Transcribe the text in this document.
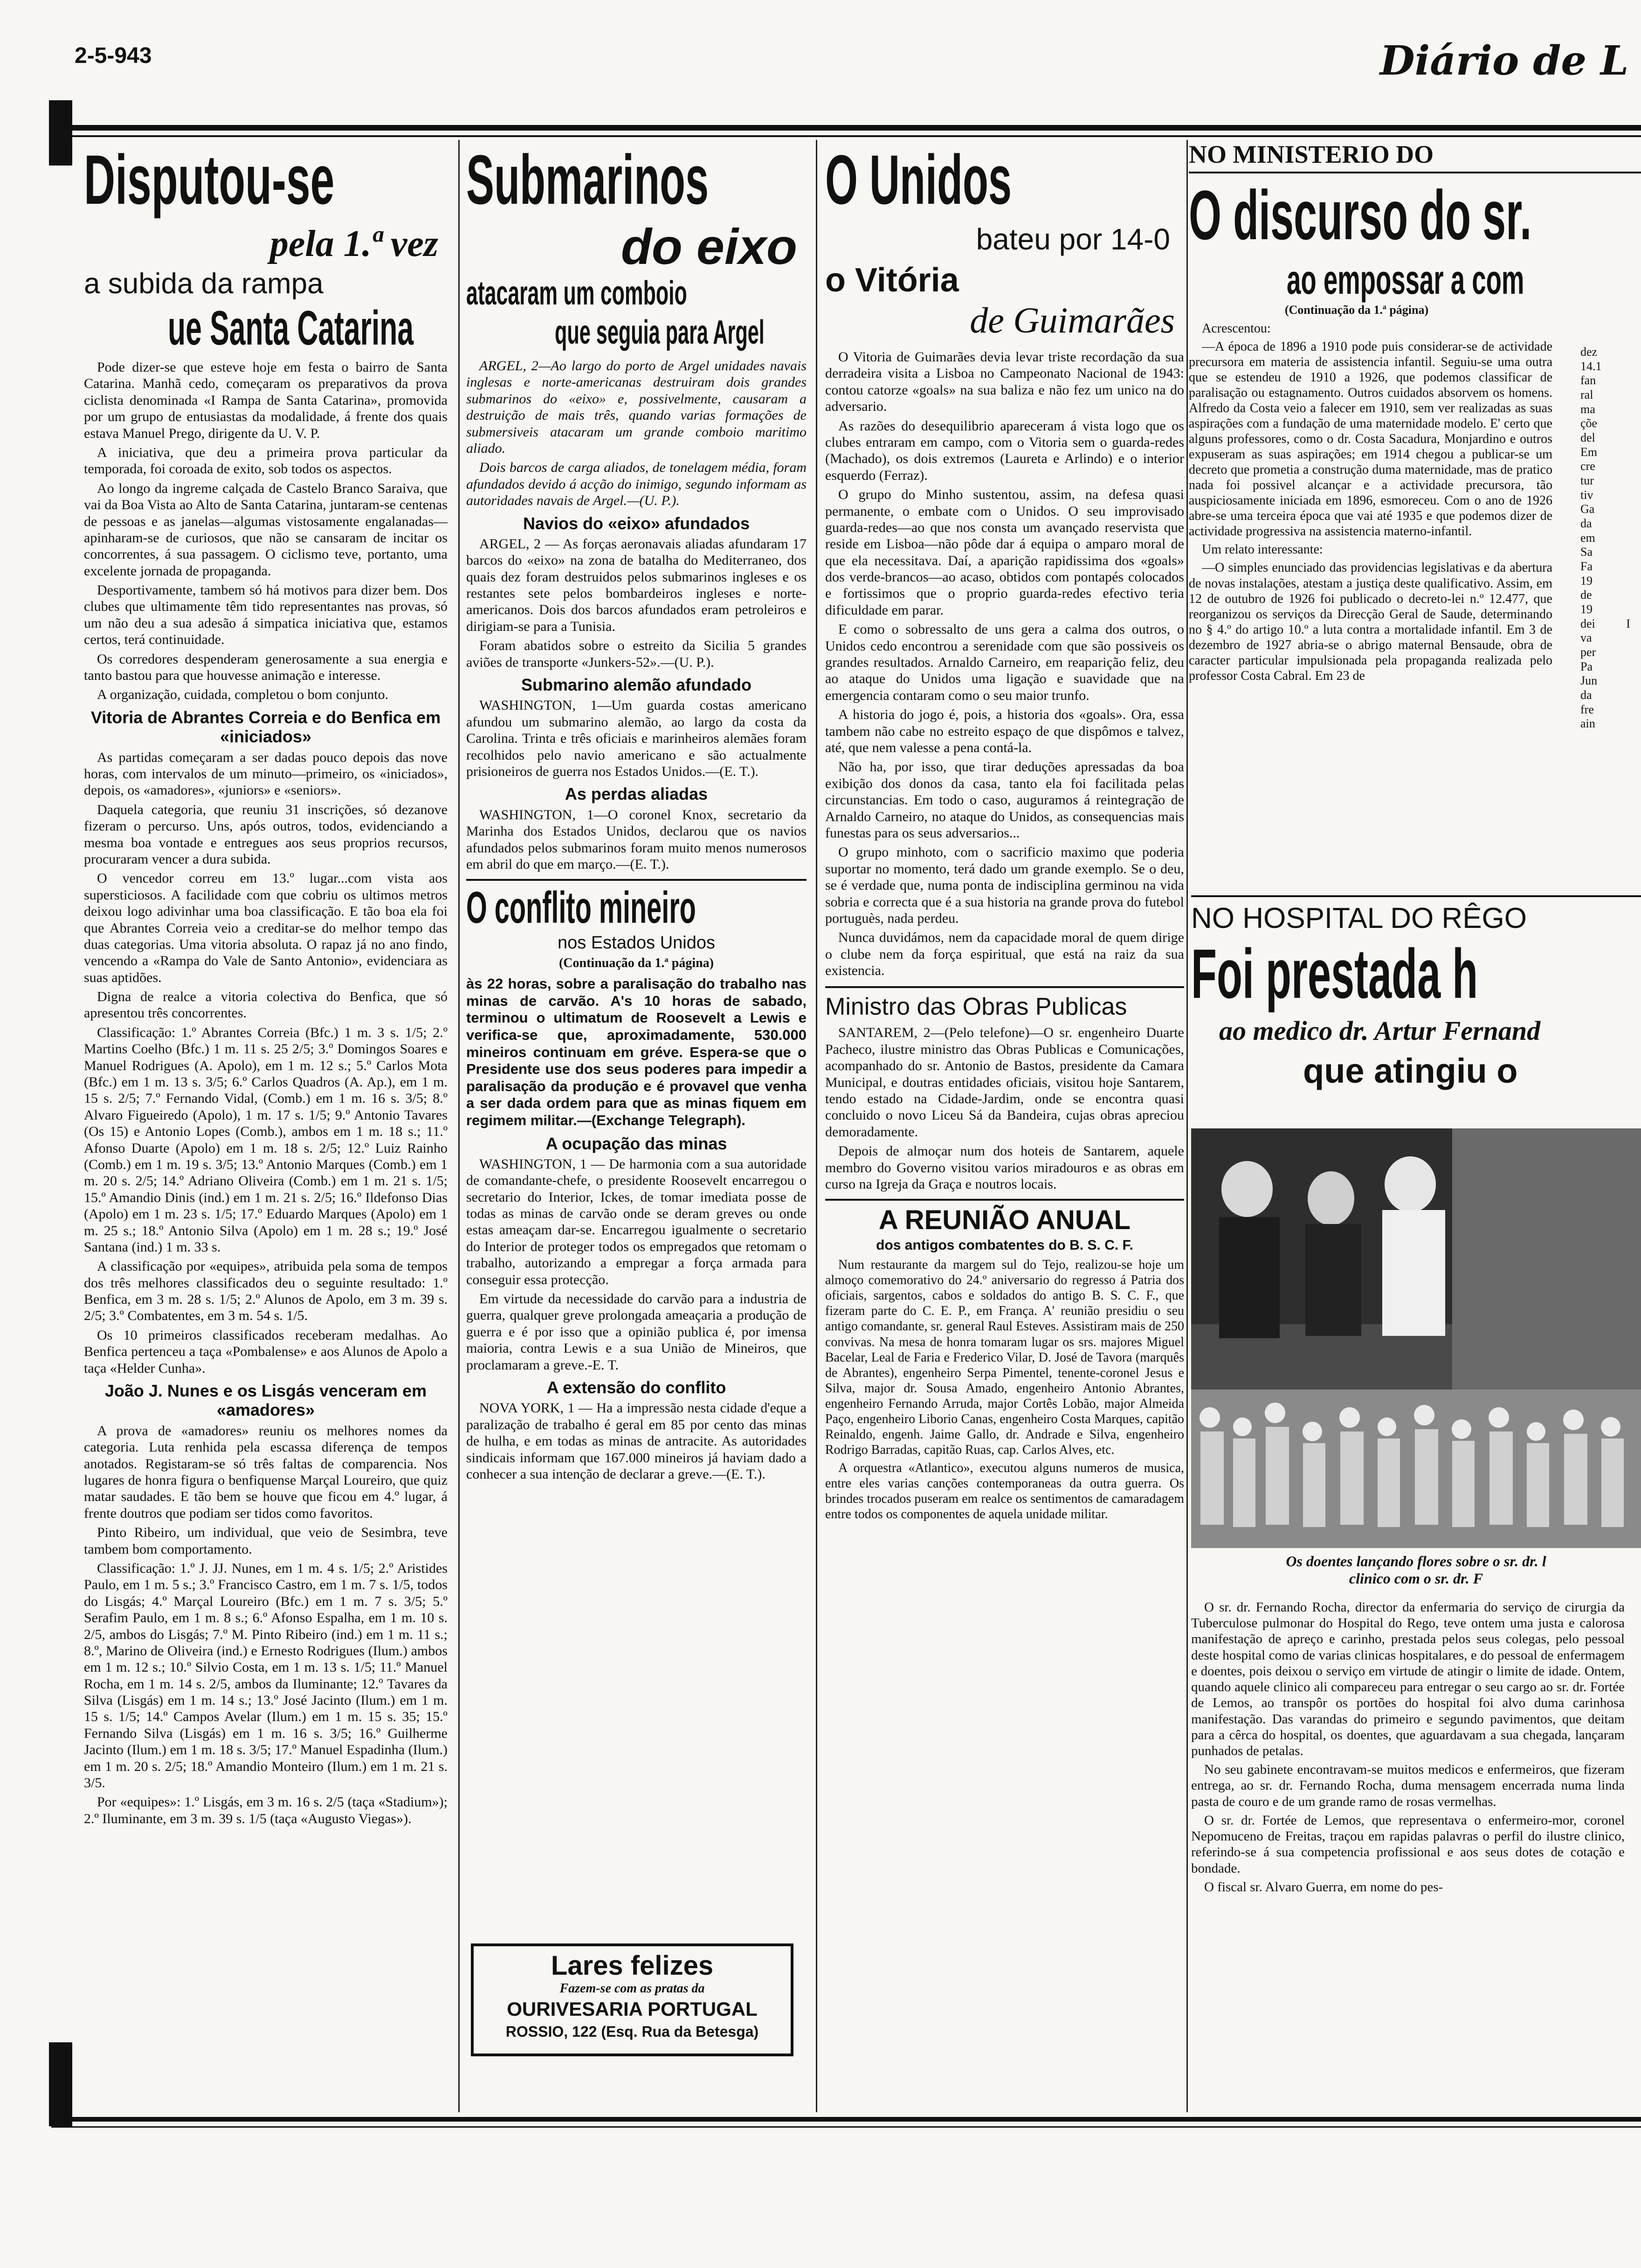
2-5-943	Diário de L
Disputou-se
pela 1.ª vez
a subida da rampa
ue Santa Catarina

Pode dizer-se que esteve hoje em festa o bairro de Santa Catarina. Manhã cedo, começaram os preparativos da prova ciclista denominada «I Rampa de Santa Catarina», promovida por um grupo de entusiastas da modalidade, á frente dos quais estava Manuel Prego, dirigente da U. V. P.

A iniciativa, que deu a primeira prova particular da temporada, foi coroada de exito, sob todos os aspectos.

Ao longo da ingreme calçada de Castelo Branco Saraiva, que vai da Boa Vista ao Alto de Santa Catarina, juntaram-se centenas de pessoas e as janelas—algumas vistosamente engalanadas—apinharam-se de curiosos, que não se cansaram de incitar os concorrentes, á sua passagem. O ciclismo teve, portanto, uma excelente jornada de propaganda.

Desportivamente, tambem só há motivos para dizer bem. Dos clubes que ultimamente têm tido representantes nas provas, só um não deu a sua adesão á simpatica iniciativa que, estamos certos, terá continuidade.

Os corredores despenderam generosamente a sua energia e tanto bastou para que houvesse animação e interesse.

A organização, cuidada, completou o bom conjunto.

Vitoria de Abrantes Correia e do Benfica em «iniciados»

As partidas começaram a ser dadas pouco depois das nove horas, com intervalos de um minuto—primeiro, os «iniciados», depois, os «amadores», «juniors» e «seniors».

Daquela categoria, que reuniu 31 inscrições, só dezanove fizeram o percurso. Uns, após outros, todos, evidenciando a mesma boa vontade e entregues aos seus proprios recursos, procuraram vencer a dura subida.

O vencedor correu em 13.º lugar...com vista aos supersticiosos. A facilidade com que cobriu os ultimos metros deixou logo adivinhar uma boa classificação. E tão boa ela foi que Abrantes Correia veio a creditar-se do melhor tempo das duas categorias. Uma vitoria absoluta. O rapaz já no ano findo, vencendo a «Rampa do Vale de Santo Antonio», evidenciara as suas aptidões.

Digna de realce a vitoria colectiva do Benfica, que só apresentou três concorrentes.

Classificação: 1.º Abrantes Correia (Bfc.) 1 m. 3 s. 1/5; 2.º Martins Coelho (Bfc.) 1 m. 11 s. 25 2/5; 3.º Domingos Soares e Manuel Rodrigues (A. Apolo), em 1 m. 12 s.; 5.º Carlos Mota (Bfc.) em 1 m. 13 s. 3/5; 6.º Carlos Quadros (A. Ap.), em 1 m. 15 s. 2/5; 7.º Fernando Vidal, (Comb.) em 1 m. 16 s. 3/5; 8.º Alvaro Figueiredo (Apolo), 1 m. 17 s. 1/5; 9.º Antonio Tavares (Os 15) e Antonio Lopes (Comb.), ambos em 1 m. 18 s.; 11.º Afonso Duarte (Apolo) em 1 m. 18 s. 2/5; 12.º Luiz Rainho (Comb.) em 1 m. 19 s. 3/5; 13.º Antonio Marques (Comb.) em 1 m. 20 s. 2/5; 14.º Adriano Oliveira (Comb.) em 1 m. 21 s. 1/5; 15.º Amandio Dinis (ind.) em 1 m. 21 s. 2/5; 16.º Ildefonso Dias (Apolo) em 1 m. 23 s. 1/5; 17.º Eduardo Marques (Apolo) em 1 m. 25 s.; 18.º Antonio Silva (Apolo) em 1 m. 28 s.; 19.º José Santana (ind.) 1 m. 33 s.

A classificação por «equipes», atribuida pela soma de tempos dos três melhores classificados deu o seguinte resultado: 1.º Benfica, em 3 m. 28 s. 1/5; 2.º Alunos de Apolo, em 3 m. 39 s. 2/5; 3.º Combatentes, em 3 m. 54 s. 1/5.

Os 10 primeiros classificados receberam medalhas. Ao Benfica pertenceu a taça «Pombalense» e aos Alunos de Apolo a taça «Helder Cunha».

João J. Nunes e os Lisgás venceram em «amadores»

A prova de «amadores» reuniu os melhores nomes da categoria. Luta renhida pela escassa diferença de tempos anotados. Registaram-se só três faltas de comparencia. Nos lugares de honra figura o benfiquense Marçal Loureiro, que quiz matar saudades. E tão bem se houve que ficou em 4.º lugar, á frente doutros que podiam ser tidos como favoritos.

Pinto Ribeiro, um individual, que veio de Sesimbra, teve tambem bom comportamento.

Classificação: 1.º J. JJ. Nunes, em 1 m. 4 s. 1/5; 2.º Aristides Paulo, em 1 m. 5 s.; 3.º Francisco Castro, em 1 m. 7 s. 1/5, todos do Lisgás; 4.º Marçal Loureiro (Bfc.) em 1 m. 7 s. 3/5; 5.º Serafim Paulo, em 1 m. 8 s.; 6.º Afonso Espalha, em 1 m. 10 s. 2/5, ambos do Lisgás; 7.º M. Pinto Ribeiro (ind.) em 1 m. 11 s.; 8.º, Marino de Oliveira (ind.) e Ernesto Rodrigues (Ilum.) ambos em 1 m. 12 s.; 10.º Silvio Costa, em 1 m. 13 s. 1/5; 11.º Manuel Rocha, em 1 m. 14 s. 2/5, ambos da Iluminante; 12.º Tavares da Silva (Lisgás) em 1 m. 14 s.; 13.º José Jacinto (Ilum.) em 1 m. 15 s. 1/5; 14.º Campos Avelar (Ilum.) em 1 m. 15 s. 35; 15.º Fernando Silva (Lisgás) em 1 m. 16 s. 3/5; 16.º Guilherme Jacinto (Ilum.) em 1 m. 18 s. 3/5; 17.º Manuel Espadinha (Ilum.) em 1 m. 20 s. 2/5; 18.º Amandio Monteiro (Ilum.) em 1 m. 21 s. 3/5.

Por «equipes»: 1.º Lisgás, em 3 m. 16 s. 2/5 (taça «Stadium»); 2.º Iluminante, em 3 m. 39 s. 1/5 (taça «Augusto Viegas»).

Submarinos
do eixo
atacaram um comboio
que seguia para Argel

ARGEL, 2—Ao largo do porto de Argel unidades navais inglesas e norte-americanas destruiram dois grandes submarinos do «eixo» e, possivelmente, causaram a destruição de mais três, quando varias formações de submersiveis atacaram um grande comboio maritimo aliado.

Dois barcos de carga aliados, de tonelagem média, foram afundados devido á acção do inimigo, segundo informam as autoridades navais de Argel.—(U. P.).

Navios do «eixo» afundados

ARGEL, 2 — As forças aeronavais aliadas afundaram 17 barcos do «eixo» na zona de batalha do Mediterraneo, dos quais dez foram destruidos pelos submarinos ingleses e os restantes sete pelos bombardeiros ingleses e norte-americanos. Dois dos barcos afundados eram petroleiros e dirigiam-se para a Tunisia.

Foram abatidos sobre o estreito da Sicilia 5 grandes aviões de transporte «Junkers-52».—(U. P.).

Submarino alemão afundado

WASHINGTON, 1—Um guarda costas americano afundou um submarino alemão, ao largo da costa da Carolina. Trinta e três oficiais e marinheiros alemães foram recolhidos pelo navio americano e são actualmente prisioneiros de guerra nos Estados Unidos.—(E. T.).

As perdas aliadas

WASHINGTON, 1—O coronel Knox, secretario da Marinha dos Estados Unidos, declarou que os navios afundados pelos submarinos foram muito menos numerosos em abril do que em março.—(E. T.).

O conflito mineiro
nos Estados Unidos
(Continuação da 1.ª página)
às 22 horas, sobre a paralisação do trabalho nas minas de carvão. A's 10 horas de sabado, terminou o ultimatum de Roosevelt a Lewis e verifica-se que, aproximadamente, 530.000 mineiros continuam em gréve. Espera-se que o Presidente use dos seus poderes para impedir a paralisação da produção e é provavel que venha a ser dada ordem para que as minas fiquem em regimem militar.—(Exchange Telegraph).
A ocupação das minas

WASHINGTON, 1 — De harmonia com a sua autoridade de comandante-chefe, o presidente Roosevelt encarregou o secretario do Interior, Ickes, de tomar imediata posse de todas as minas de carvão onde se deram greves ou onde estas ameaçam dar-se. Encarregou igualmente o secretario do Interior de proteger todos os empregados que retomam o trabalho, autorizando a empregar a força armada para conseguir essa protecção.

Em virtude da necessidade do carvão para a industria de guerra, qualquer greve prolongada ameaçaria a produção de guerra e é por isso que a opinião publica é, por imensa maioria, contra Lewis e a sua União de Mineiros, que proclamaram a greve.-E. T.

A extensão do conflito

NOVA YORK, 1 — Ha a impressão nesta cidade d'eque a paralização de trabalho é geral em 85 por cento das minas de hulha, e em todas as minas de antracite. As autoridades sindicais informam que 167.000 mineiros já haviam dado a conhecer a sua intenção de declarar a greve.—(E. T.).

Lares felizes
Fazem-se com as pratas da
OURIVESARIA PORTUGAL
ROSSIO, 122 (Esq. Rua da Betesga)
O Unidos
bateu por 14-0
o Vitória
de Guimarães

O Vitoria de Guimarães devia levar triste recordação da sua derradeira visita a Lisboa no Campeonato Nacional de 1943: contou catorze «goals» na sua baliza e não fez um unico na do adversario.

As razões do desequilibrio apareceram á vista logo que os clubes entraram em campo, com o Vitoria sem o guarda-redes (Machado), os dois extremos (Laureta e Arlindo) e o interior esquerdo (Ferraz).

O grupo do Minho sustentou, assim, na defesa quasi permanente, o embate com o Unidos. O seu improvisado guarda-redes—ao que nos consta um avançado reservista que reside em Lisboa—não pôde dar á equipa o amparo moral de que ela necessitava. Daí, a aparição rapidissima dos «goals» dos verde-brancos—ao acaso, obtidos com pontapés colocados e fortissimos que o proprio guarda-redes efectivo teria dificuldade em parar.

E como o sobressalto de uns gera a calma dos outros, o Unidos cedo encontrou a serenidade com que são possiveis os grandes resultados. Arnaldo Carneiro, em reaparição feliz, deu ao ataque do Unidos uma ligação e suavidade que na emergencia contaram como o seu maior trunfo.

A historia do jogo é, pois, a historia dos «goals». Ora, essa tambem não cabe no estreito espaço de que dispômos e talvez, até, que nem valesse a pena contá-la.

Não ha, por isso, que tirar deduções apressadas da boa exibição dos donos da casa, tanto ela foi facilitada pelas circunstancias. Em todo o caso, auguramos á reintegração de Arnaldo Carneiro, no ataque do Unidos, as consequencias mais funestas para os seus adversarios...

O grupo minhoto, com o sacrificio maximo que poderia suportar no momento, terá dado um grande exemplo. Se o deu, se é verdade que, numa ponta de indisciplina germinou na vida sobria e correcta que é a sua historia na grande prova do futebol portuguès, nada perdeu.

Nunca duvidámos, nem da capacidade moral de quem dirige o clube nem da força espiritual, que está na raiz da sua existencia.

Ministro das Obras Publicas

SANTAREM, 2—(Pelo telefone)—O sr. engenheiro Duarte Pacheco, ilustre ministro das Obras Publicas e Comunicações, acompanhado do sr. Antonio de Bastos, presidente da Camara Municipal, e doutras entidades oficiais, visitou hoje Santarem, tendo estado na Cidade-Jardim, onde se encontra quasi concluido o novo Liceu Sá da Bandeira, cujas obras apreciou demoradamente.

Depois de almoçar num dos hoteis de Santarem, aquele membro do Governo visitou varios miradouros e as obras em curso na Igreja da Graça e noutros locais.

A REUNIÃO ANUAL
dos antigos combatentes do B. S. C. F.

Num restaurante da margem sul do Tejo, realizou-se hoje um almoço comemorativo do 24.º aniversario do regresso á Patria dos oficiais, sargentos, cabos e soldados do antigo B. S. C. F., que fizeram parte do C. E. P., em França. A' reunião presidiu o seu antigo comandante, sr. general Raul Esteves. Assistiram mais de 250 convivas. Na mesa de honra tomaram lugar os srs. majores Miguel Bacelar, Leal de Faria e Frederico Vilar, D. José de Tavora (marquês de Abrantes), engenheiro Serpa Pimentel, tenente-coronel Jesus e Silva, major dr. Sousa Amado, engenheiro Antonio Abrantes, engenheiro Fernando Arruda, major Cortês Lobão, major Almeida Paço, engenheiro Liborio Canas, engenheiro Costa Marques, capitão Reinaldo, engenh. Jaime Gallo, dr. Andrade e Silva, engenheiro Rodrigo Barradas, capitão Ruas, cap. Carlos Alves, etc.

A orquestra «Atlantico», executou alguns numeros de musica, entre eles varias canções contemporaneas da outra guerra. Os brindes trocados puseram em realce os sentimentos de camaradagem entre todos os componentes de aquela unidade militar.

NO MINISTERIO DO
O discurso do sr.
ao empossar a com
(Continuação da 1.ª página)

Acrescentou:

—A época de 1896 a 1910 pode puis considerar-se de actividade precursora em materia de assistencia infantil. Seguiu-se uma outra que se estendeu de 1910 a 1926, que podemos classificar de paralisação ou estagnamento. Outros cuidados absorvem os homens. Alfredo da Costa veio a falecer em 1910, sem ver realizadas as suas aspirações com a fundação de uma maternidade modelo. E' certo que alguns professores, como o dr. Costa Sacadura, Monjardino e outros expuseram as suas aspirações; em 1914 chegou a publicar-se um decreto que prometia a construção duma maternidade, mas de pratico nada foi possivel alcançar e a actividade precursora, tão auspiciosamente iniciada em 1896, esmoreceu. Com o ano de 1926 abre-se uma terceira época que vai até 1935 e que podemos dizer de actividade progressiva na assistencia materno-infantil.

Um relato interessante:

—O simples enunciado das providencias legislativas e da abertura de novas instalações, atestam a justiça deste qualificativo. Assim, em 12 de outubro de 1926 foi publicado o decreto-lei n.º 12.477, que reorganizou os serviços da Direcção Geral de Saude, determinando no § 4.º do artigo 10.º a luta contra a mortalidade infantil. Em 3 de dezembro de 1927 abria-se o abrigo maternal Bensaude, obra de caracter particular impulsionada pela propaganda realizada pelo professor Costa Cabral. Em 23 de

dez 14.1 fan ral ma çõe del Em cre tur tiv Ga da em Sa Fa 19 de 19 dei I va per Pa Jun da fre ain
NO HOSPITAL DO RÊGO
Foi prestada h
ao medico dr. Artur Fernand
que atingiu o
Os doentes lançando flores sobre o sr. dr. l
clinico com o sr. dr. F

O sr. dr. Fernando Rocha, director da enfermaria do serviço de cirurgia da Tuberculose pulmonar do Hospital do Rego, teve ontem uma justa e calorosa manifestação de apreço e carinho, prestada pelos seus colegas, pelo pessoal deste hospital como de varias clinicas hospitalares, e do pessoal de enfermagem e doentes, pois deixou o serviço em virtude de atingir o limite de idade. Ontem, quando aquele clinico ali compareceu para entregar o seu cargo ao sr. dr. Fortée de Lemos, ao transpôr os portões do hospital foi alvo duma carinhosa manifestação. Das varandas do primeiro e segundo pavimentos, que deitam para a cêrca do hospital, os doentes, que aguardavam a sua chegada, lançaram punhados de petalas.

No seu gabinete encontravam-se muitos medicos e enfermeiros, que fizeram entrega, ao sr. dr. Fernando Rocha, duma mensagem encerrada numa linda pasta de couro e de um grande ramo de rosas vermelhas.

O sr. dr. Fortée de Lemos, que representava o enfermeiro-mor, coronel Nepomuceno de Freitas, traçou em rapidas palavras o perfil do ilustre clinico, referindo-se á sua competencia profissional e aos seus dotes de cotação e bondade.

O fiscal sr. Alvaro Guerra, em nome do pes-
